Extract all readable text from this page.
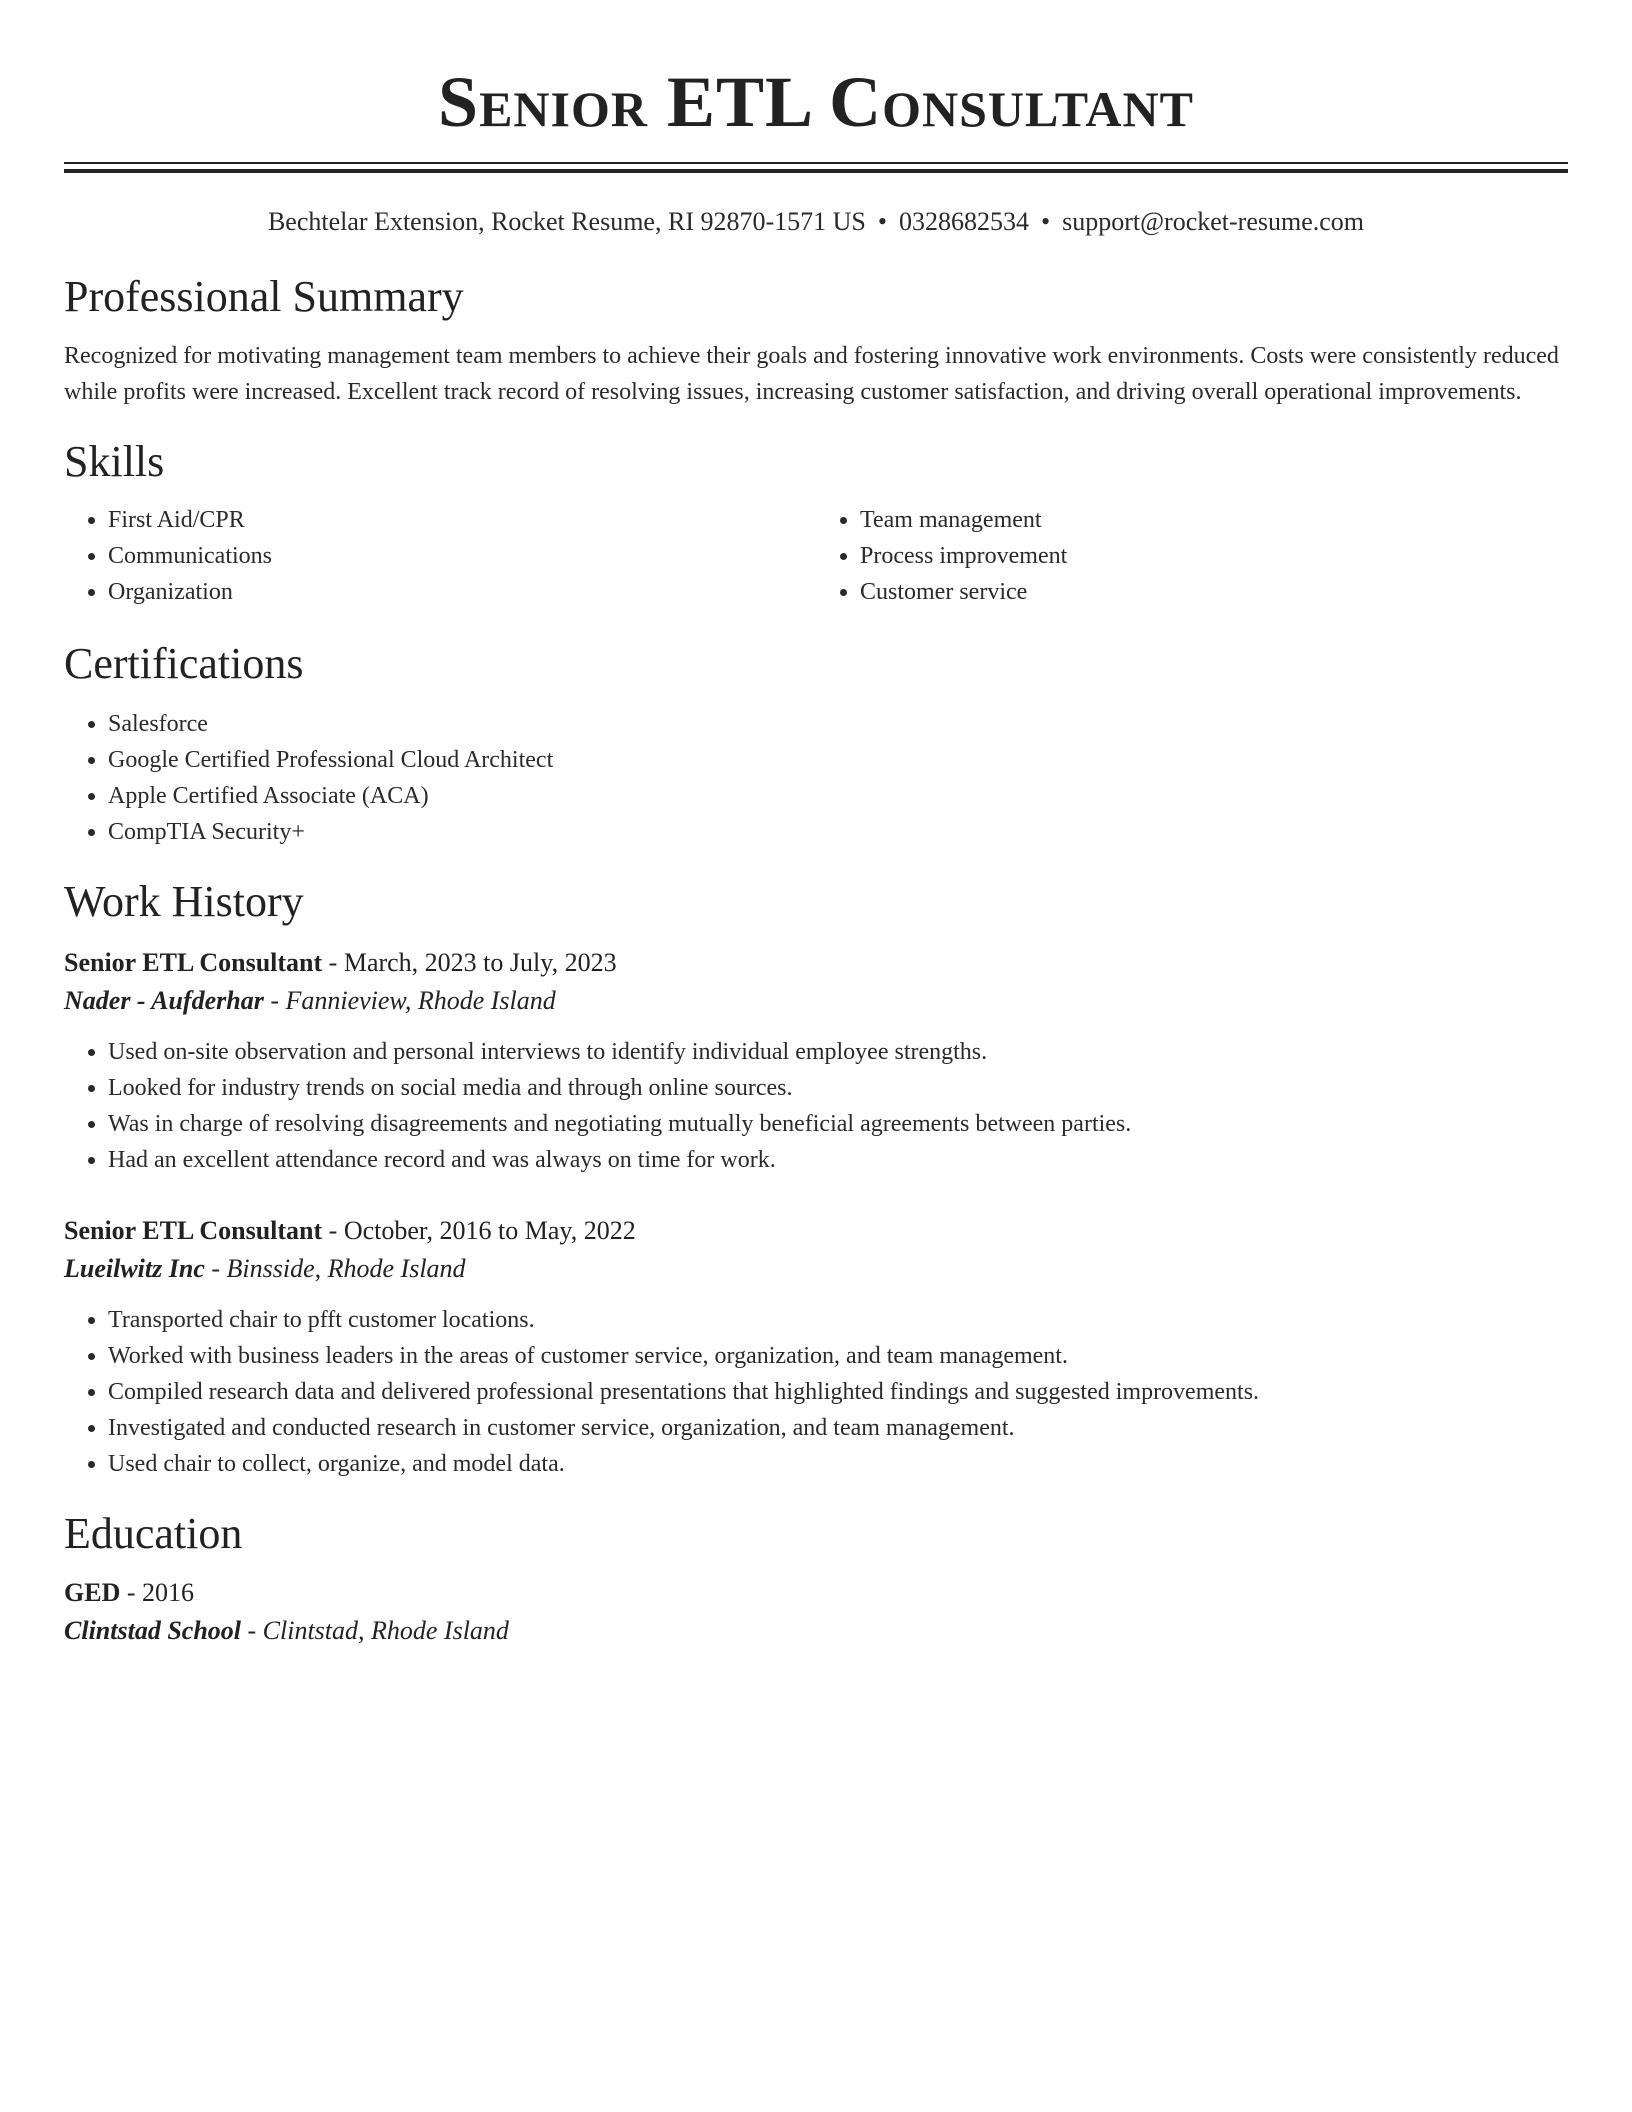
Senior ETL Consultant
Bechtelar Extension, Rocket Resume, RI 92870-1571 US • 0328682534 • support@rocket-resume.com
Professional Summary

Recognized for motivating management team members to achieve their goals and fostering innovative work environments. Costs were consistently reduced while profits were increased. Excellent track record of resolving issues, increasing customer satisfaction, and driving overall operational improvements.

Skills
• First Aid/CPR
• Communications
• Organization
• Team management
• Process improvement
• Customer service
Certifications
• Salesforce
• Google Certified Professional Cloud Architect
• Apple Certified Associate (ACA)
• CompTIA Security+
Work History
Senior ETL Consultant - March, 2023 to July, 2023
Nader - Aufderhar - Fannieview, Rhode Island
• Used on-site observation and personal interviews to identify individual employee strengths.
• Looked for industry trends on social media and through online sources.
• Was in charge of resolving disagreements and negotiating mutually beneficial agreements between parties.
• Had an excellent attendance record and was always on time for work.
Senior ETL Consultant - October, 2016 to May, 2022
Lueilwitz Inc - Binsside, Rhode Island
• Transported chair to pfft customer locations.
• Worked with business leaders in the areas of customer service, organization, and team management.
• Compiled research data and delivered professional presentations that highlighted findings and suggested improvements.
• Investigated and conducted research in customer service, organization, and team management.
• Used chair to collect, organize, and model data.
Education
GED - 2016
Clintstad School - Clintstad, Rhode Island
